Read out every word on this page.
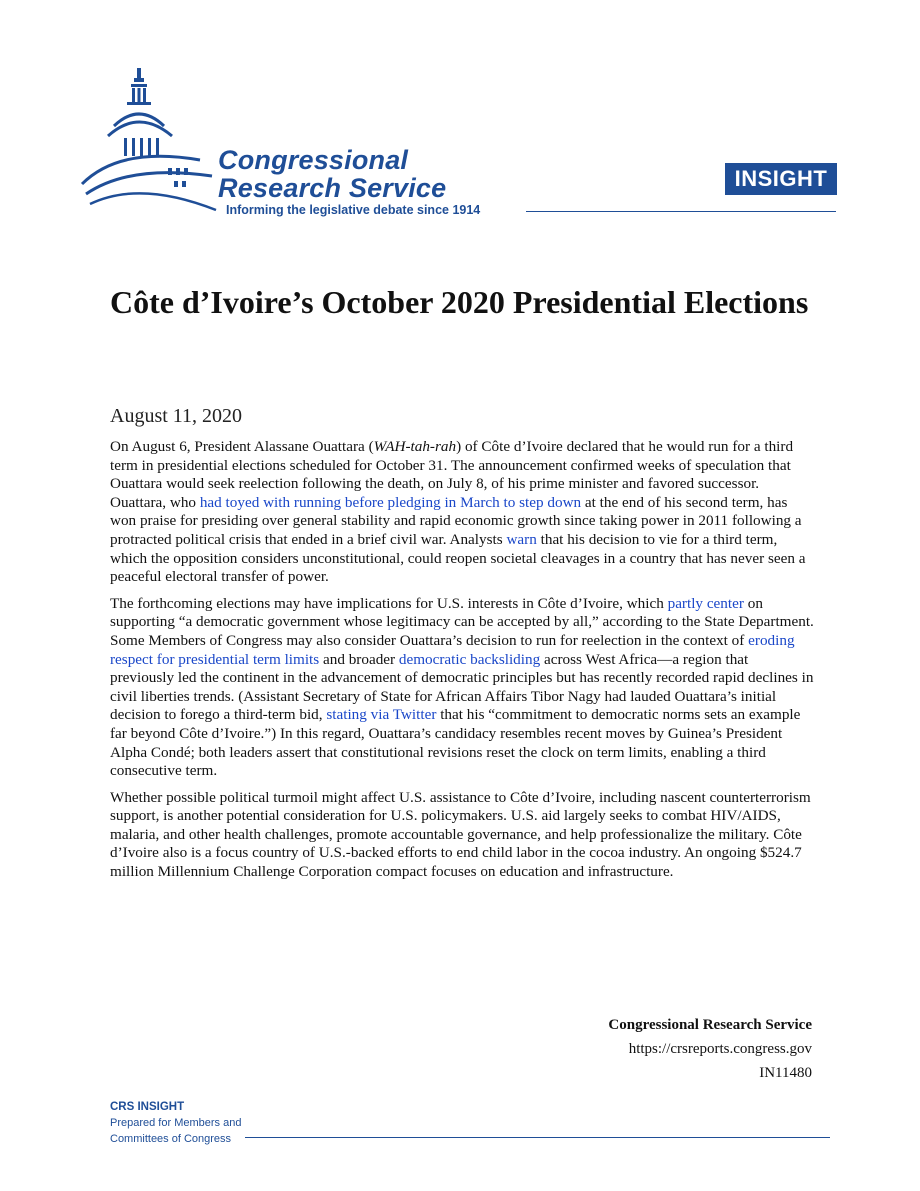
Congressional
Research Service
Informing the legislative debate since 1914
INSIGHT
Côte d’Ivoire’s October 2020 Presidential Elections
August 11, 2020

On August 6, President Alassane Ouattara (WAH-tah-rah) of Côte d’Ivoire declared that he would run for a third term in presidential elections scheduled for October 31. The announcement confirmed weeks of speculation that Ouattara would seek reelection following the death, on July 8, of his prime minister and favored successor. Ouattara, who had toyed with running before pledging in March to step down at the end of his second term, has won praise for presiding over general stability and rapid economic growth since taking power in 2011 following a protracted political crisis that ended in a brief civil war. Analysts warn that his decision to vie for a third term, which the opposition considers unconstitutional, could reopen societal cleavages in a country that has never seen a peaceful electoral transfer of power.

The forthcoming elections may have implications for U.S. interests in Côte d’Ivoire, which partly center on supporting “a democratic government whose legitimacy can be accepted by all,” according to the State Department. Some Members of Congress may also consider Ouattara’s decision to run for reelection in the context of eroding respect for presidential term limits and broader democratic backsliding across West Africa—a region that previously led the continent in the advancement of democratic principles but has recently recorded rapid declines in civil liberties trends. (Assistant Secretary of State for African Affairs Tibor Nagy had lauded Ouattara’s initial decision to forego a third-term bid, stating via Twitter that his “commitment to democratic norms sets an example far beyond Côte d’Ivoire.”) In this regard, Ouattara’s candidacy resembles recent moves by Guinea’s President Alpha Condé; both leaders assert that constitutional revisions reset the clock on term limits, enabling a third consecutive term.

Whether possible political turmoil might affect U.S. assistance to Côte d’Ivoire, including nascent counterterrorism support, is another potential consideration for U.S. policymakers. U.S. aid largely seeks to combat HIV/AIDS, malaria, and other health challenges, promote accountable governance, and help professionalize the military. Côte d’Ivoire also is a focus country of U.S.-backed efforts to end child labor in the cocoa industry. An ongoing $524.7 million Millennium Challenge Corporation compact focuses on education and infrastructure.

Congressional Research Service
https://crsreports.congress.gov
IN11480
CRS INSIGHT
Prepared for Members and
Committees of Congress
